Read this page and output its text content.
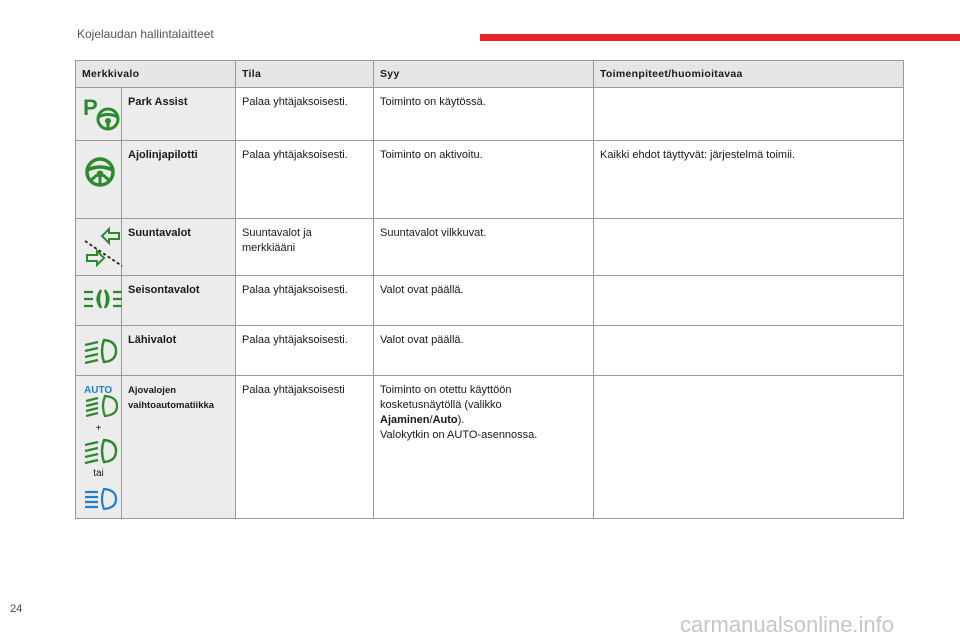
Kojelaudan hallintalaitteet
Merkkivalo		Tila	Syy	Toimenpiteet/huomioitavaa

P	Park Assist	Palaa yhtäjaksoisesti.	Toiminto on käytössä.	

	Ajolinjapilotti	Palaa yhtäjaksoisesti.	Toiminto on aktivoitu.	Kaikki ehdot täyttyvät: järjestelmä toimii.

	Suuntavalot	Suuntavalot ja merkkiääni	Suuntavalot vilkkuvat.	

	Seisontavalot	Palaa yhtäjaksoisesti.	Valot ovat päällä.	

	Lähivalot	Palaa yhtäjaksoisesti.	Valot ovat päällä.	

AUTO
+
tai	Ajovalojen vaihtoautomatiikka	Palaa yhtäjaksoisesti	Toiminto on otettu käyttöön kosketusnäytöllä (valikko Ajaminen/Auto).
Valokytkin on AUTO-asennossa.	
24
carmanualsonline.info
